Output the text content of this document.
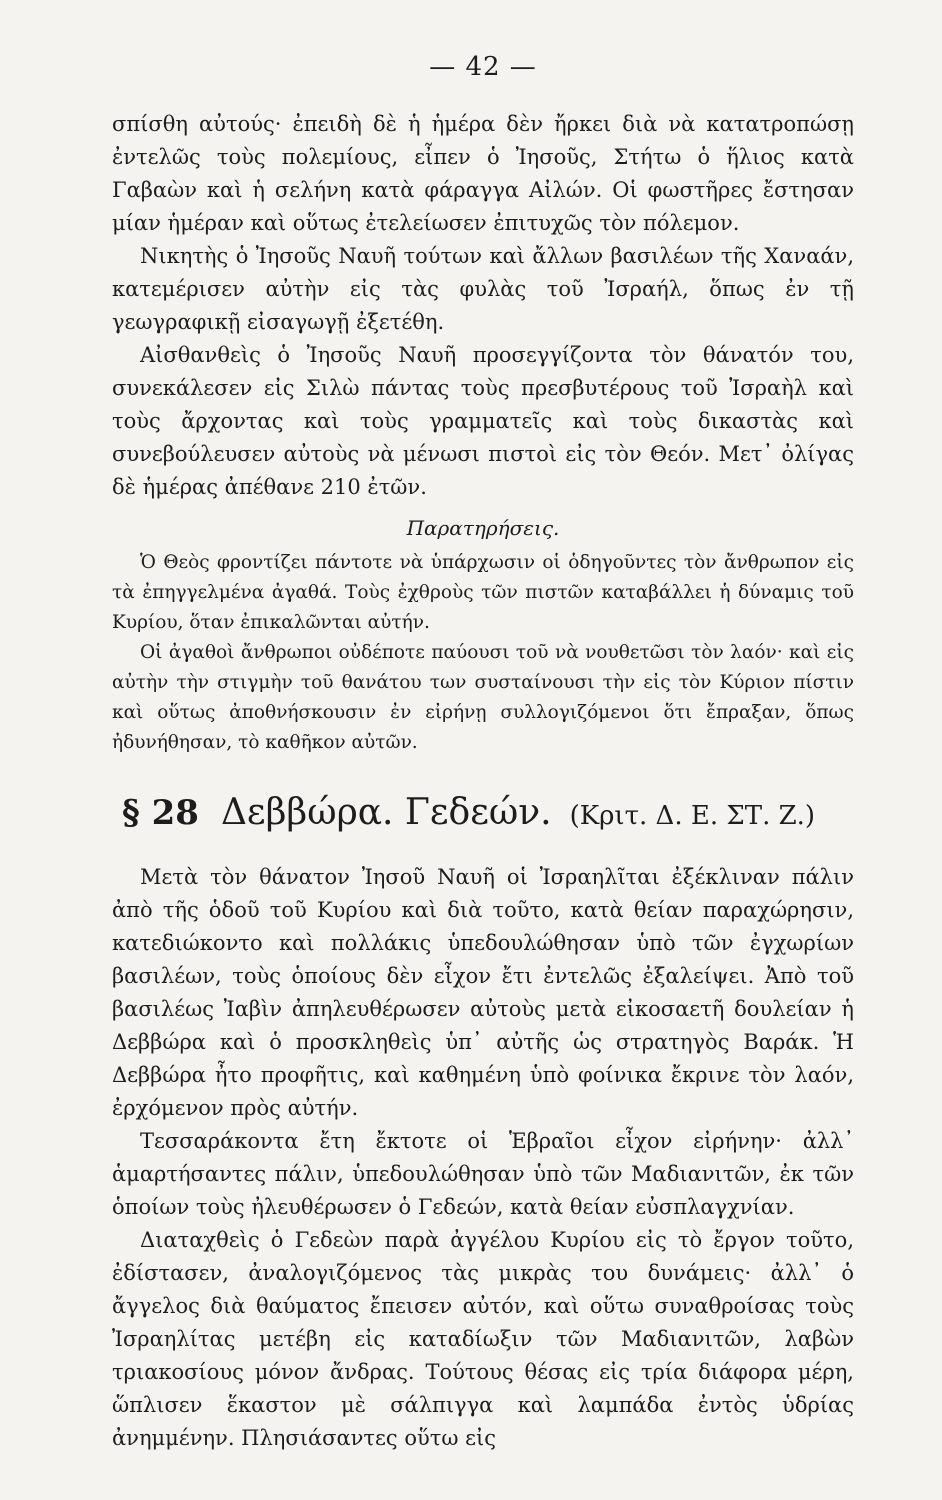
— 42 —

σπίσθη αὐτούς· ἐπειδὴ δὲ ἡ ἡμέρα δὲν ἤρκει διὰ νὰ κατατροπώσῃ ἐντελῶς τοὺς πολεμίους, εἶπεν ὁ Ἰησοῦς, Στήτω ὁ ἥλιος κατὰ Γαβαὼν καὶ ἡ σελήνη κατὰ φάραγγα Αἰλών. Οἱ φωστῆρες ἔστησαν μίαν ἡμέραν καὶ οὕτως ἐτελείωσεν ἐπιτυχῶς τὸν πόλεμον.

Νικητὴς ὁ Ἰησοῦς Ναυῆ τούτων καὶ ἄλλων βασιλέων τῆς Χαναάν, κατεμέρισεν αὐτὴν εἰς τὰς φυλὰς τοῦ Ἰσραήλ, ὅπως ἐν τῇ γεωγραφικῇ εἰσαγωγῇ ἐξετέθη.

Αἰσθανθεὶς ὁ Ἰησοῦς Ναυῆ προσεγγίζοντα τὸν θάνατόν του, συνεκάλεσεν εἰς Σιλὼ πάντας τοὺς πρεσβυτέρους τοῦ Ἰσραὴλ καὶ τοὺς ἄρχοντας καὶ τοὺς γραμματεῖς καὶ τοὺς δικαστὰς καὶ συνεβούλευσεν αὐτοὺς νὰ μένωσι πιστοὶ εἰς τὸν Θεόν. Μετ᾽ ὀλίγας δὲ ἡμέρας ἀπέθανε 210 ἐτῶν.

Παρατηρήσεις.

Ὁ Θεὸς φροντίζει πάντοτε νὰ ὑπάρχωσιν οἱ ὁδηγοῦντες τὸν ἄνθρωπον εἰς τὰ ἐπηγγελμένα ἀγαθά. Τοὺς ἐχθροὺς τῶν πιστῶν καταβάλλει ἡ δύναμις τοῦ Κυρίου, ὅταν ἐπικαλῶνται αὐτήν.

Οἱ ἀγαθοὶ ἄνθρωποι οὐδέποτε παύουσι τοῦ νὰ νουθετῶσι τὸν λαόν· καὶ εἰς αὐτὴν τὴν στιγμὴν τοῦ θανάτου των συσταίνουσι τὴν εἰς τὸν Κύριον πίστιν καὶ οὕτως ἀποθνήσκουσιν ἐν εἰρήνῃ συλλογιζόμενοι ὅτι ἔπραξαν, ὅπως ἠδυνήθησαν, τὸ καθῆκον αὐτῶν.

§ 28 Δεββώρα. Γεδεών. (Κριτ. Δ. Ε. ΣΤ. Ζ.)

Μετὰ τὸν θάνατον Ἰησοῦ Ναυῆ οἱ Ἰσραηλῖται ἐξέκλιναν πάλιν ἀπὸ τῆς ὁδοῦ τοῦ Κυρίου καὶ διὰ τοῦτο, κατὰ θείαν παραχώρησιν, κατεδιώκοντο καὶ πολλάκις ὑπεδουλώθησαν ὑπὸ τῶν ἐγχωρίων βασιλέων, τοὺς ὁποίους δὲν εἶχον ἔτι ἐντελῶς ἐξαλείψει. Ἀπὸ τοῦ βασιλέως Ἰαβὶν ἀπηλευθέρωσεν αὐτοὺς μετὰ εἰκοσαετῆ δουλείαν ἡ Δεββώρα καὶ ὁ προσκληθεὶς ὑπ᾽ αὐτῆς ὡς στρατηγὸς Βαράκ. Ἡ Δεββώρα ἦτο προφῆτις, καὶ καθημένη ὑπὸ φοίνικα ἔκρινε τὸν λαόν, ἐρχόμενον πρὸς αὐτήν.

Τεσσαράκοντα ἔτη ἔκτοτε οἱ Ἑβραῖοι εἶχον εἰρήνην· ἀλλ᾽ ἁμαρτήσαντες πάλιν, ὑπεδουλώθησαν ὑπὸ τῶν Μαδιανιτῶν, ἐκ τῶν ὁποίων τοὺς ἠλευθέρωσεν ὁ Γεδεών, κατὰ θείαν εὐσπλαγχνίαν.

Διαταχθεὶς ὁ Γεδεὼν παρὰ ἀγγέλου Κυρίου εἰς τὸ ἔργον τοῦτο, ἐδίστασεν, ἀναλογιζόμενος τὰς μικρὰς του δυνάμεις· ἀλλ᾽ ὁ ἄγγελος διὰ θαύματος ἔπεισεν αὐτόν, καὶ οὕτω συναθροίσας τοὺς Ἰσραηλίτας μετέβη εἰς καταδίωξιν τῶν Μαδιανιτῶν, λαβὼν τριακοσίους μόνον ἄνδρας. Τούτους θέσας εἰς τρία διάφορα μέρη, ὥπλισεν ἕκαστον μὲ σάλπιγγα καὶ λαμπάδα ἐντὸς ὑδρίας ἀνημμένην. Πλησιάσαντες οὕτω εἰς
